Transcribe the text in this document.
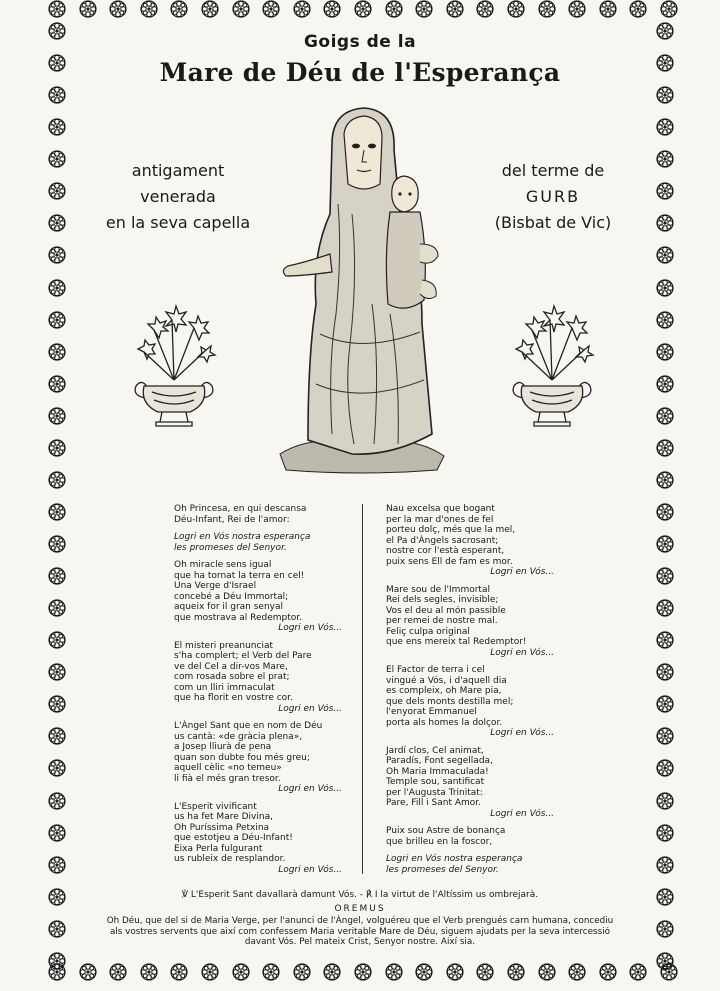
Goigs de la
Mare de Déu de l'Esperança
antigament
venerada
en la seva capella
del terme de
GURB
(Bisbat de Vic)
Oh Princesa, en qui descansa
Déu-Infant, Rei de l'amor:
Logri en Vós nostra esperança
les promeses del Senyor.
Oh miracle sens igual
que ha tornat la terra en cel!
Una Verge d'Israel
concebé a Déu Immortal;
aqueix for il gran senyal
que mostrava al Redemptor.
Logri en Vós...
El misteri preanunciat
s'ha complert; el Verb del Pare
ve del Cel a dir-vos Mare,
com rosada sobre el prat;
com un lliri immaculat
que ha florit en vostre cor.
Logri en Vós...
L'Àngel Sant que en nom de Déu
us cantà: «de gràcia plena»,
a Josep lliurà de pena
quan son dubte fou més greu;
aquell cèlic «no temeu»
li fià el més gran tresor.
Logri en Vós...
L'Esperit vivificant
us ha fet Mare Divina,
Oh Puríssima Petxina
que estotjeu a Déu-Infant!
Eixa Perla fulgurant
us rubleix de resplandor.
Logri en Vós...
Nau excelsa que bogant
per la mar d'ones de fel
porteu dolç, més que la mel,
el Pa d'Àngels sacrosant;
nostre cor l'està esperant,
puix sens Ell de fam es mor.
Logri en Vós...
Mare sou de l'Immortal
Rei dels segles, invisible;
Vos el deu al món passible
per remei de nostre mal.
Feliç culpa original
que ens mereix tal Redemptor!
Logri en Vós...
El Factor de terra i cel
vingué a Vós, i d'aquell dia
es compleix, oh Mare pia,
que dels monts destilla mel;
l'enyorat Emmanuel
porta als homes la dolçor.
Logri en Vós...
Jardí clos, Cel animat,
Paradís, Font segellada,
Oh Maria Immaculada!
Temple sou, santificat
per l'Augusta Trinitat:
Pare, Fill i Sant Amor.
Logri en Vós...
Puix sou Astre de bonança
que brilleu en la foscor,
Logri en Vós nostra esperança
les promeses del Senyor.
℣ L'Esperit Sant davallarà damunt Vós. - ℟ I la virtut de l'Altíssim us ombrejarà.
OREMUS
Oh Déu, que del si de Maria Verge, per l'anunci de l'Àngel, volguéreu que el Verb prengués carn humana, concediu
als vostres servents que així com confessem Maria veritable Mare de Déu, siguem ajudats per la seva intercessió
davant Vós. Pel mateix Crist, Senyor nostre. Així sia.
